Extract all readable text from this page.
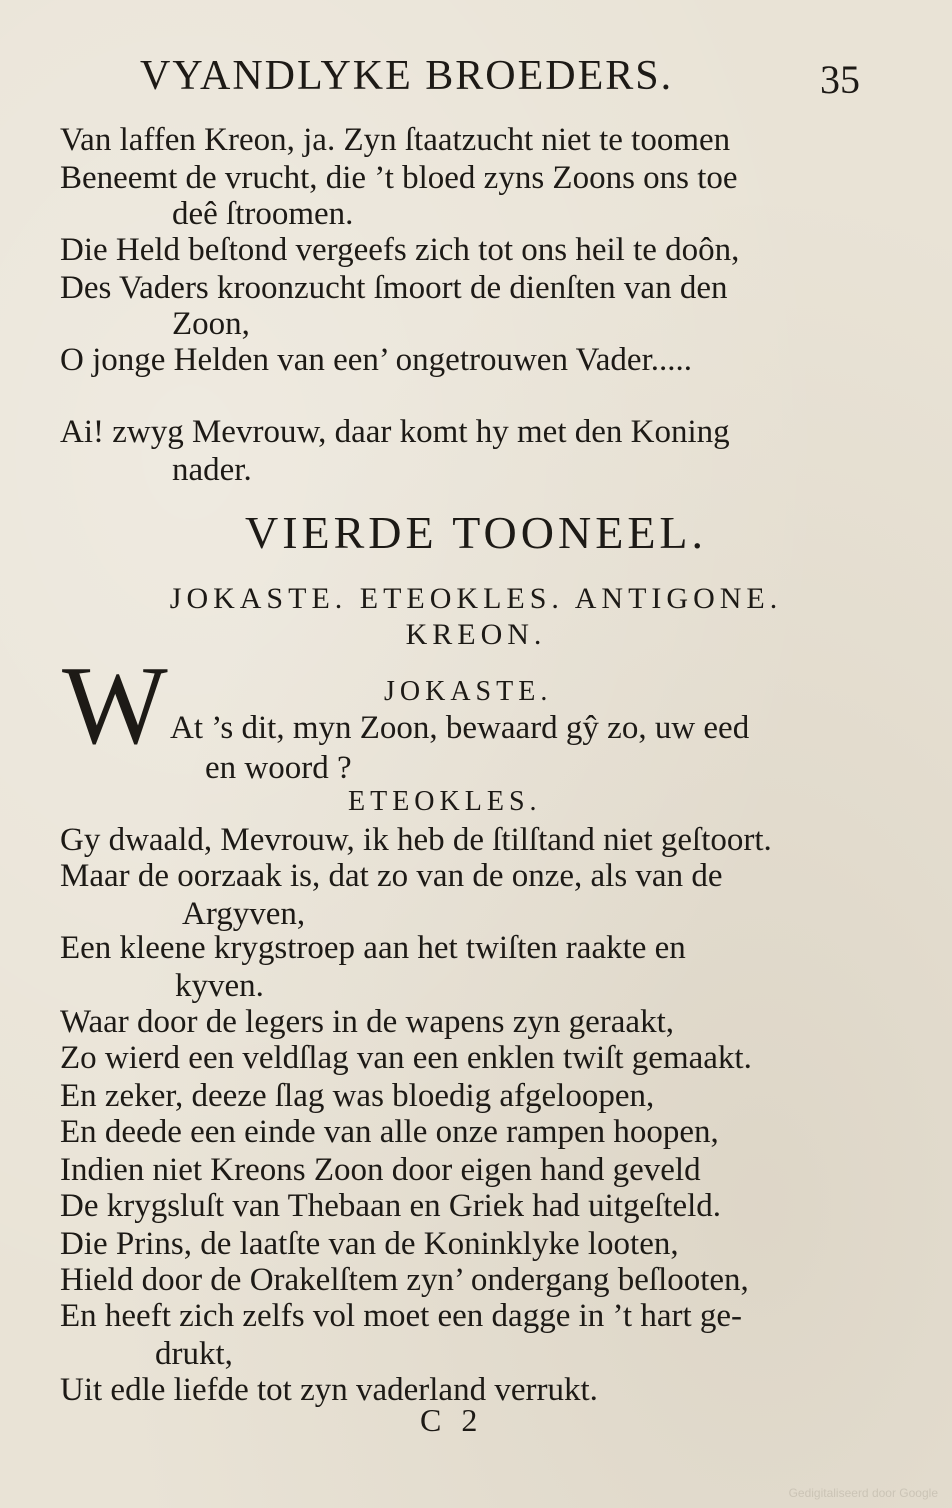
VYANDLYKE BROEDERS.	35
Van laffen Kreon, ja. Zyn ſtaatzucht niet te toomen
Beneemt de vrucht, die ’t bloed zyns Zoons ons toe
deê ſtroomen.
Die Held beſtond vergeefs zich tot ons heil te doôn,
Des Vaders kroonzucht ſmoort de dienſten van den
Zoon,
O jonge Helden van een’ ongetrouwen Vader.....
Ai! zwyg Mevrouw, daar komt hy met den Koning
nader.
VIERDE TOONEEL.
JOKASTE. ETEOKLES. ANTIGONE.
KREON.
W	JOKASTE.
At ’s dit, myn Zoon, bewaard gŷ zo, uw eed
en woord ?
ETEOKLES.
Gy dwaald, Mevrouw, ik heb de ſtilſtand niet geſtoort.
Maar de oorzaak is, dat zo van de onze, als van de
Argyven,
Een kleene krygstroep aan het twiſten raakte en
kyven.
Waar door de legers in de wapens zyn geraakt,
Zo wierd een veldſlag van een enklen twiſt gemaakt.
En zeker, deeze ſlag was bloedig afgeloopen,
En deede een einde van alle onze rampen hoopen,
Indien niet Kreons Zoon door eigen hand geveld
De krygsluſt van Thebaan en Griek had uitgeſteld.
Die Prins, de laatſte van de Koninklyke looten,
Hield door de Orakelſtem zyn’ ondergang beſlooten,
En heeft zich zelfs vol moet een dagge in ’t hart ge-
drukt,
Uit edle liefde tot zyn vaderland verrukt.
C 2
Gedigitaliseerd door Google
